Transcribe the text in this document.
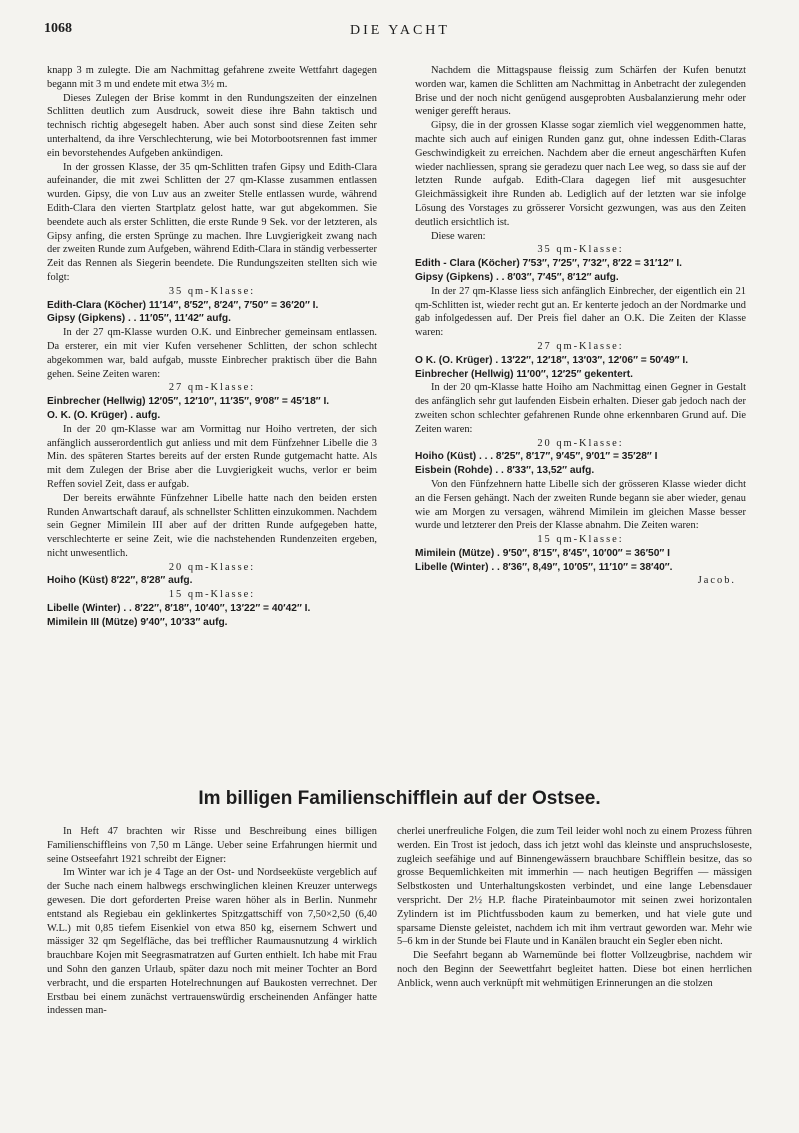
1068	DIE YACHT

knapp 3 m zulegte. Die am Nachmittag gefahrene zweite Wettfahrt dagegen begann mit 3 m und endete mit etwa 3½ m.

Dieses Zulegen der Brise kommt in den Rundungszeiten der einzelnen Schlitten deutlich zum Ausdruck, soweit diese ihre Bahn taktisch und technisch richtig abgesegelt haben. Aber auch sonst sind diese Zeiten sehr unterhaltend, da ihre Verschlechterung, wie bei Motorbootsrennen fast immer ein bevorstehendes Aufgeben ankündigen.

In der grossen Klasse, der 35 qm-Schlitten trafen Gipsy und Edith-Clara aufeinander, die mit zwei Schlitten der 27 qm-Klasse zusammen entlassen wurden. Gipsy, die von Luv aus an zweiter Stelle entlassen wurde, während Edith-Clara den vierten Startplatz gelost hatte, war gut abgekommen. Sie beendete auch als erster Schlitten, die erste Runde 9 Sek. vor der letzteren, als Gipsy anfing, die ersten Sprünge zu machen. Ihre Luvgierigkeit zwang nach der zweiten Runde zum Aufgeben, während Edith-Clara in ständig verbesserter Zeit das Rennen als Siegerin beendete. Die Rundungszeiten stellten sich wie folgt:

35 qm-Klasse:

Edith-Clara (Köcher) 11′14″, 8′52″, 8′24″, 7′50″ = 36′20″ I.

Gipsy (Gipkens) . . 11′05″, 11′42″ aufg.

In der 27 qm-Klasse wurden O.K. und Einbrecher gemeinsam entlassen. Da ersterer, ein mit vier Kufen versehener Schlitten, der schon schlecht abgekommen war, bald aufgab, musste Einbrecher praktisch über die Bahn gehen. Seine Zeiten waren:

27 qm-Klasse:

Einbrecher (Hellwig) 12′05″, 12′10″, 11′35″, 9′08″ = 45′18″ I.

O. K. (O. Krüger) . aufg.

In der 20 qm-Klasse war am Vormittag nur Hoiho vertreten, der sich anfänglich ausserordentlich gut anliess und mit dem Fünfzehner Libelle die 3 Min. des späteren Startes bereits auf der ersten Runde gutgemacht hatte. Als mit dem Zulegen der Brise aber die Luvgierigkeit wuchs, verlor er beim Reffen soviel Zeit, dass er aufgab.

Der bereits erwähnte Fünfzehner Libelle hatte nach den beiden ersten Runden Anwartschaft darauf, als schnellster Schlitten einzukommen. Nachdem sein Gegner Mimilein III aber auf der dritten Runde aufgegeben hatte, verschlechterte er seine Zeit, wie die nachstehenden Rundenzeiten ergeben, nicht unwesentlich.

20 qm-Klasse:

Hoiho (Küst) 8′22″, 8′28″ aufg.

15 qm-Klasse:

Libelle (Winter) . . 8′22″, 8′18″, 10′40″, 13′22″ = 40′42″ I.

Mimilein III (Mütze) 9′40″, 10′33″ aufg.

Nachdem die Mittagspause fleissig zum Schärfen der Kufen benutzt worden war, kamen die Schlitten am Nachmittag in Anbetracht der zulegenden Brise und der noch nicht genügend ausgeprobten Ausbalanzierung mehr oder weniger gerefft heraus.

Gipsy, die in der grossen Klasse sogar ziemlich viel weggenommen hatte, machte sich auch auf einigen Runden ganz gut, ohne indessen Edith-Claras Geschwindigkeit zu erreichen. Nachdem aber die erneut angeschärften Kufen wieder nachliessen, sprang sie geradezu quer nach Lee weg, so dass sie auf der letzten Runde aufgab. Edith-Clara dagegen lief mit ausgesuchter Gleichmässigkeit ihre Runden ab. Lediglich auf der letzten war sie infolge Lösung des Vorstages zu grösserer Vorsicht gezwungen, was aus den Zeiten deutlich ersichtlich ist.

Diese waren:

35 qm-Klasse:

Edith - Clara (Köcher) 7′53″, 7′25″, 7′32″, 8′22 = 31′12″ I.

Gipsy (Gipkens) . . 8′03″, 7′45″, 8′12″ aufg.

In der 27 qm-Klasse liess sich anfänglich Einbrecher, der eigentlich ein 21 qm-Schlitten ist, wieder recht gut an. Er kenterte jedoch an der Nordmarke und gab infolgedessen auf. Der Preis fiel daher an O.K. Die Zeiten der Klasse waren:

27 qm-Klasse:

O K. (O. Krüger) . 13′22″, 12′18″, 13′03″, 12′06″ = 50′49″ I.

Einbrecher (Hellwig) 11′00″, 12′25″ gekentert.

In der 20 qm-Klasse hatte Hoiho am Nachmittag einen Gegner in Gestalt des anfänglich sehr gut laufenden Eisbein erhalten. Dieser gab jedoch nach der zweiten schon schlechter gefahrenen Runde ohne erkennbaren Grund auf. Die Zeiten waren:

20 qm-Klasse:

Hoiho (Küst) . . . 8′25″, 8′17″, 9′45″, 9′01″ = 35′28″ I

Eisbein (Rohde) . . 8′33″, 13,52″ aufg.

Von den Fünfzehnern hatte Libelle sich der grösseren Klasse wieder dicht an die Fersen gehängt. Nach der zweiten Runde begann sie aber wieder, genau wie am Morgen zu versagen, während Mimilein im gleichen Masse besser wurde und letzterer den Preis der Klasse abnahm. Die Zeiten waren:

15 qm-Klasse:

Mimilein (Mütze) . 9′50″, 8′15″, 8′45″, 10′00″ = 36′50″ I

Libelle (Winter) . . 8′36″, 8,49″, 10′05″, 11′10″ = 38′40″.

Jacob.

Im billigen Familienschifflein auf der Ostsee.

In Heft 47 brachten wir Risse und Beschreibung eines billigen Familienschiffleins von 7,50 m Länge. Ueber seine Erfahrungen hiermit und seine Ostseefahrt 1921 schreibt der Eigner:

Im Winter war ich je 4 Tage an der Ost- und Nordseeküste vergeblich auf der Suche nach einem halbwegs erschwinglichen kleinen Kreuzer unterwegs gewesen. Die dort geforderten Preise waren höher als in Berlin. Nunmehr entstand als Regiebau ein geklinkertes Spitzgattschiff von 7,50×2,50 (6,40 W.L.) mit 0,85 tiefem Eisenkiel von etwa 850 kg, eisernem Schwert und mässiger 32 qm Segelfläche, das bei trefflicher Raumausnutzung 4 wirklich brauchbare Kojen mit Seegrasmatratzen auf Gurten enthielt. Ich habe mit Frau und Sohn den ganzen Urlaub, später dazu noch mit meiner Tochter an Bord verbracht, und die ersparten Hotelrechnungen auf Baukosten verrechnet. Der Erstbau bei einem zunächst vertrauenswürdig erscheinenden Anfänger hatte indessen man-

cherlei unerfreuliche Folgen, die zum Teil leider wohl noch zu einem Prozess führen werden. Ein Trost ist jedoch, dass ich jetzt wohl das kleinste und anspruchsloseste, zugleich seefähige und auf Binnengewässern brauchbare Schifflein besitze, das so grosse Bequemlichkeiten mit immerhin — nach heutigen Begriffen — mässigen Selbstkosten und Unterhaltungskosten verbindet, und eine lange Lebensdauer verspricht. Der 2½ H.P. flache Pirateinbaumotor mit seinen zwei horizontalen Zylindern ist im Plichtfussboden kaum zu bemerken, und hat viele gute und sparsame Dienste geleistet, nachdem ich mit ihm vertraut geworden war. Mehr wie 5–6 km in der Stunde bei Flaute und in Kanälen braucht ein Segler eben nicht.

Die Seefahrt begann ab Warnemünde bei flotter Vollzeugbrise, nachdem wir noch den Beginn der Seewettfahrt begleitet hatten. Diese bot einen herrlichen Anblick, wenn auch verknüpft mit wehmütigen Erinnerungen an die stolzen
